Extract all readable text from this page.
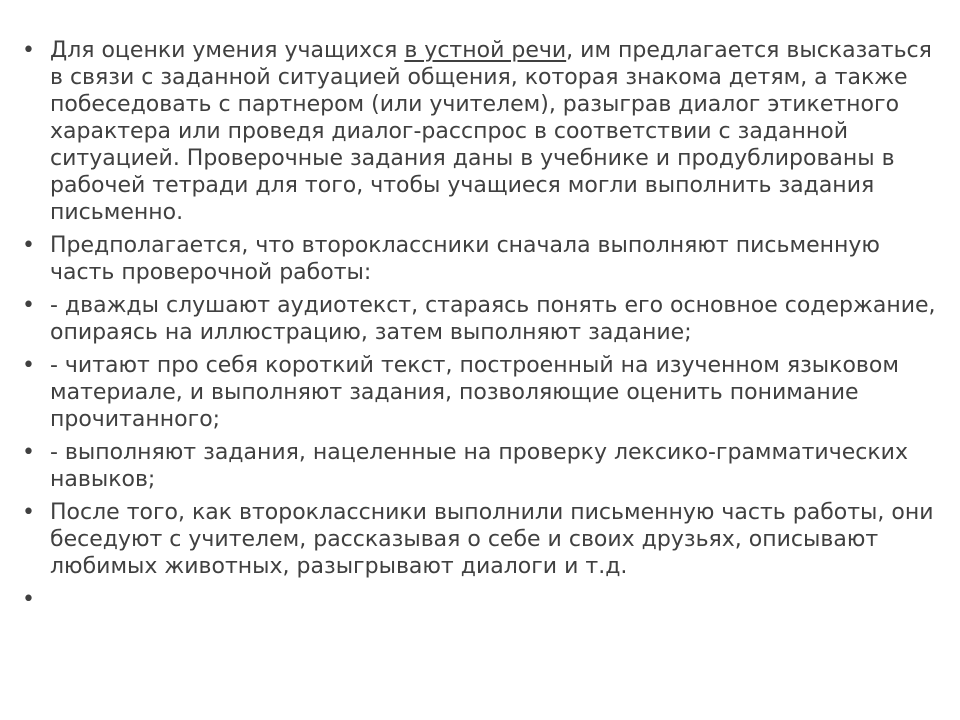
• Для оценки умения учащихся в устной речи, им предлагается высказаться в связи с заданной ситуацией общения, которая знакома детям, а также побеседовать с партнером (или учителем), разыграв диалог этикетного характера или проведя диалог-расспрос в соответствии с заданной ситуацией. Проверочные задания даны в учебнике и продублированы в рабочей тетради для того, чтобы учащиеся могли выполнить задания письменно.
• Предполагается, что второклассники сначала выполняют письменную часть проверочной работы:
• - дважды слушают аудиотекст, стараясь понять его основное содержание, опираясь на иллюстрацию, затем выполняют задание;
• - читают про себя короткий текст, построенный на изученном языковом материале, и выполняют задания, позволяющие оценить понимание прочитанного;
• - выполняют задания, нацеленные на проверку лексико-грамматических навыков;
• После того, как второклассники выполнили письменную часть работы, они беседуют с учителем, рассказывая о себе и своих друзьях, описывают любимых животных, разыгрывают диалоги и т.д.
•
